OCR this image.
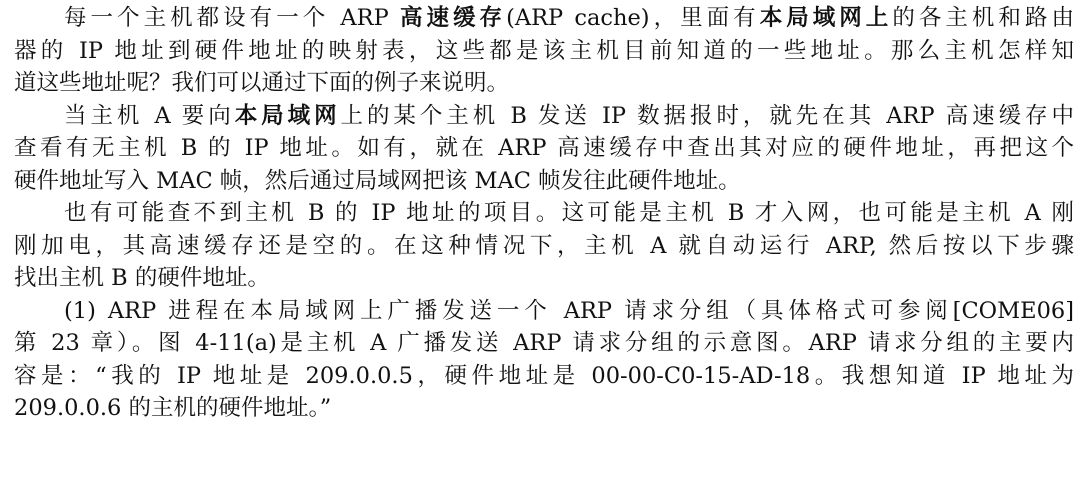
每一个主机都设有一个 ARP 高速缓存(ARP cache)，里面有本局域网上的各主机和路由
器的 IP 地址到硬件地址的映射表，这些都是该主机目前知道的一些地址。那么主机怎样知
道这些地址呢？我们可以通过下面的例子来说明。
当主机 A 要向本局域网上的某个主机 B 发送 IP 数据报时，就先在其 ARP 高速缓存中
查看有无主机 B 的 IP 地址。如有，就在 ARP 高速缓存中查出其对应的硬件地址，再把这个
硬件地址写入 MAC 帧，然后通过局域网把该 MAC 帧发往此硬件地址。
也有可能查不到主机 B 的 IP 地址的项目。这可能是主机 B 才入网，也可能是主机 A 刚
刚加电，其高速缓存还是空的。在这种情况下，主机 A 就自动运行 ARP, 然后按以下步骤
找出主机 B 的硬件地址。
(1) ARP 进程在本局域网上广播发送一个 ARP 请求分组（具体格式可参阅[COME06]
第 23 章）。图 4-11(a)是主机 A 广播发送 ARP 请求分组的示意图。ARP 请求分组的主要内
容是：“我的 IP 地址是 209.0.0.5，硬件地址是 00-00-C0-15-AD-18。我想知道 IP 地址为
209.0.0.6 的主机的硬件地址。”
